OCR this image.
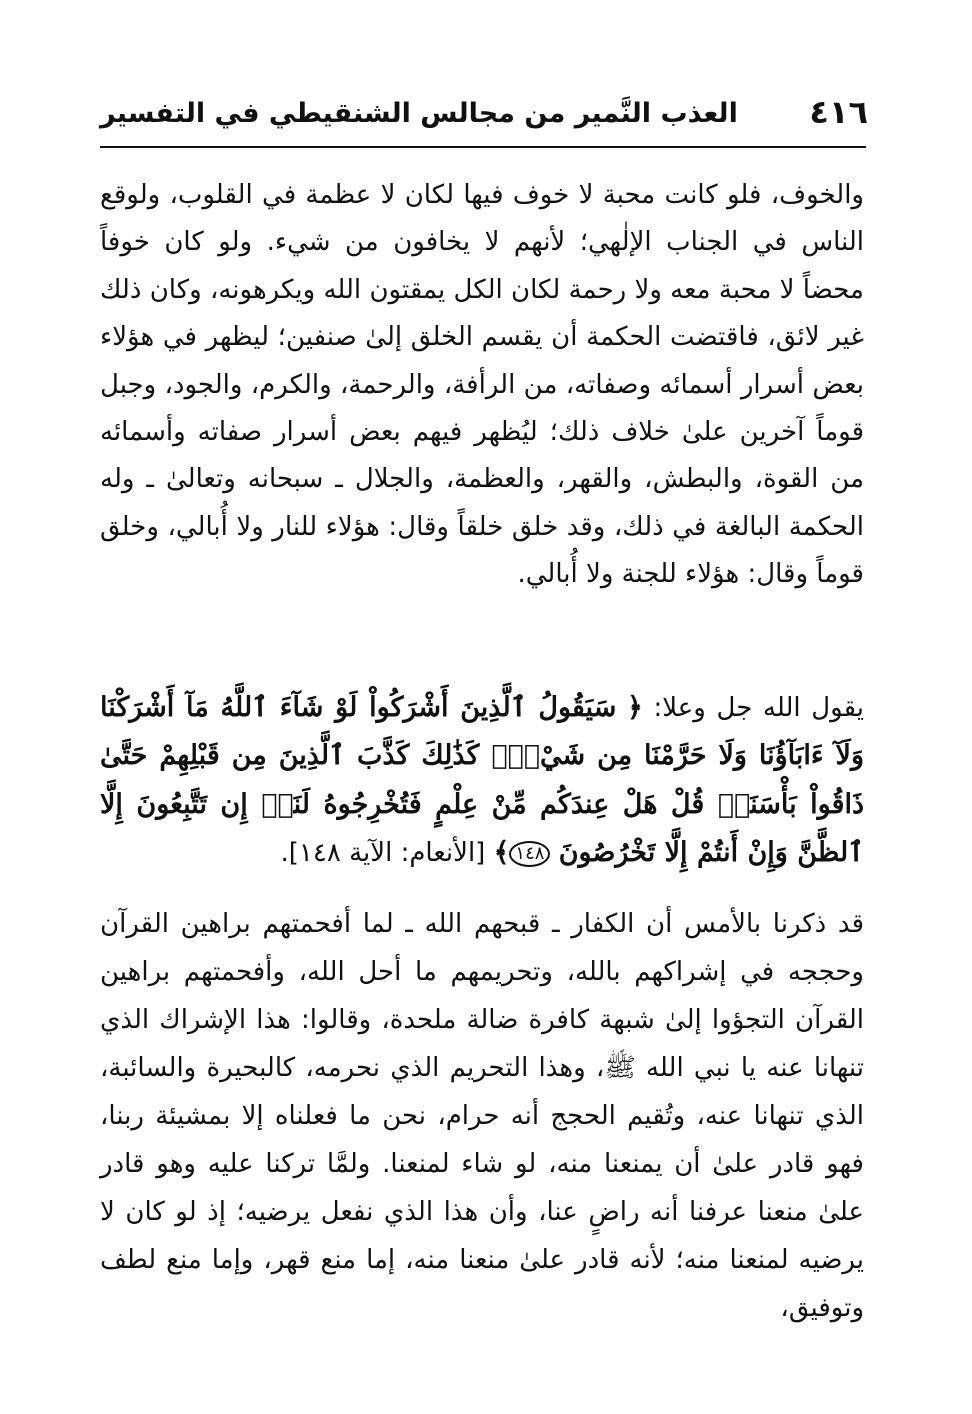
٤١٦
العذب النَّمير من مجالس الشنقيطي في التفسير

والخوف، فلو كانت محبة لا خوف فيها لكان لا عظمة في القلوب، ولوقع الناس في الجناب الإلٰهي؛ لأنهم لا يخافون من شيء. ولو كان خوفاً محضاً لا محبة معه ولا رحمة لكان الكل يمقتون الله ويكرهونه، وكان ذلك غير لائق، فاقتضت الحكمة أن يقسم الخلق إلىٰ صنفين؛ ليظهر في هؤلاء بعض أسرار أسمائه وصفاته، من الرأفة، والرحمة، والكرم، والجود، وجبل قوماً آخرين علىٰ خلاف ذلك؛ ليُظهر فيهم بعض أسرار صفاته وأسمائه من القوة، والبطش، والقهر، والعظمة، والجلال ـ سبحانه وتعالىٰ ـ وله الحكمة البالغة في ذلك، وقد خلق خلقاً وقال: هؤلاء للنار ولا أُبالي، وخلق قوماً وقال: هؤلاء للجنة ولا أُبالي.

يقول الله جل وعلا: ﴿ سَيَقُولُ ٱلَّذِينَ أَشْرَكُواْ لَوْ شَآءَ ٱللَّهُ مَآ أَشْرَكْنَا وَلَآ ءَابَآؤُنَا وَلَا حَرَّمْنَا مِن شَيْءٍۚ كَذَٰلِكَ كَذَّبَ ٱلَّذِينَ مِن قَبْلِهِمْ حَتَّىٰ ذَاقُواْ بَأْسَنَاۗ قُلْ هَلْ عِندَكُم مِّنْ عِلْمٍ فَتُخْرِجُوهُ لَنَآۖ إِن تَتَّبِعُونَ إِلَّا ٱلظَّنَّ وَإِنْ أَنتُمْ إِلَّا تَخْرُصُونَ ١٤٨﴾ [الأنعام: الآية ١٤٨].

قد ذكرنا بالأمس أن الكفار ـ قبحهم الله ـ لما أفحمتهم براهين القرآن وحججه في إشراكهم بالله، وتحريمهم ما أحل الله، وأفحمتهم براهين القرآن التجؤوا إلىٰ شبهة كافرة ضالة ملحدة، وقالوا: هذا الإشراك الذي تنهانا عنه يا نبي الله ﷺ، وهذا التحريم الذي نحرمه، كالبحيرة والسائبة، الذي تنهانا عنه، وتُقيم الحجج أنه حرام، نحن ما فعلناه إلا بمشيئة ربنا، فهو قادر علىٰ أن يمنعنا منه، لو شاء لمنعنا. ولمَّا تركنا عليه وهو قادر علىٰ منعنا عرفنا أنه راضٍ عنا، وأن هذا الذي نفعل يرضيه؛ إذ لو كان لا يرضيه لمنعنا منه؛ لأنه قادر علىٰ منعنا منه، إما منع قهر، وإما منع لطف وتوفيق،
